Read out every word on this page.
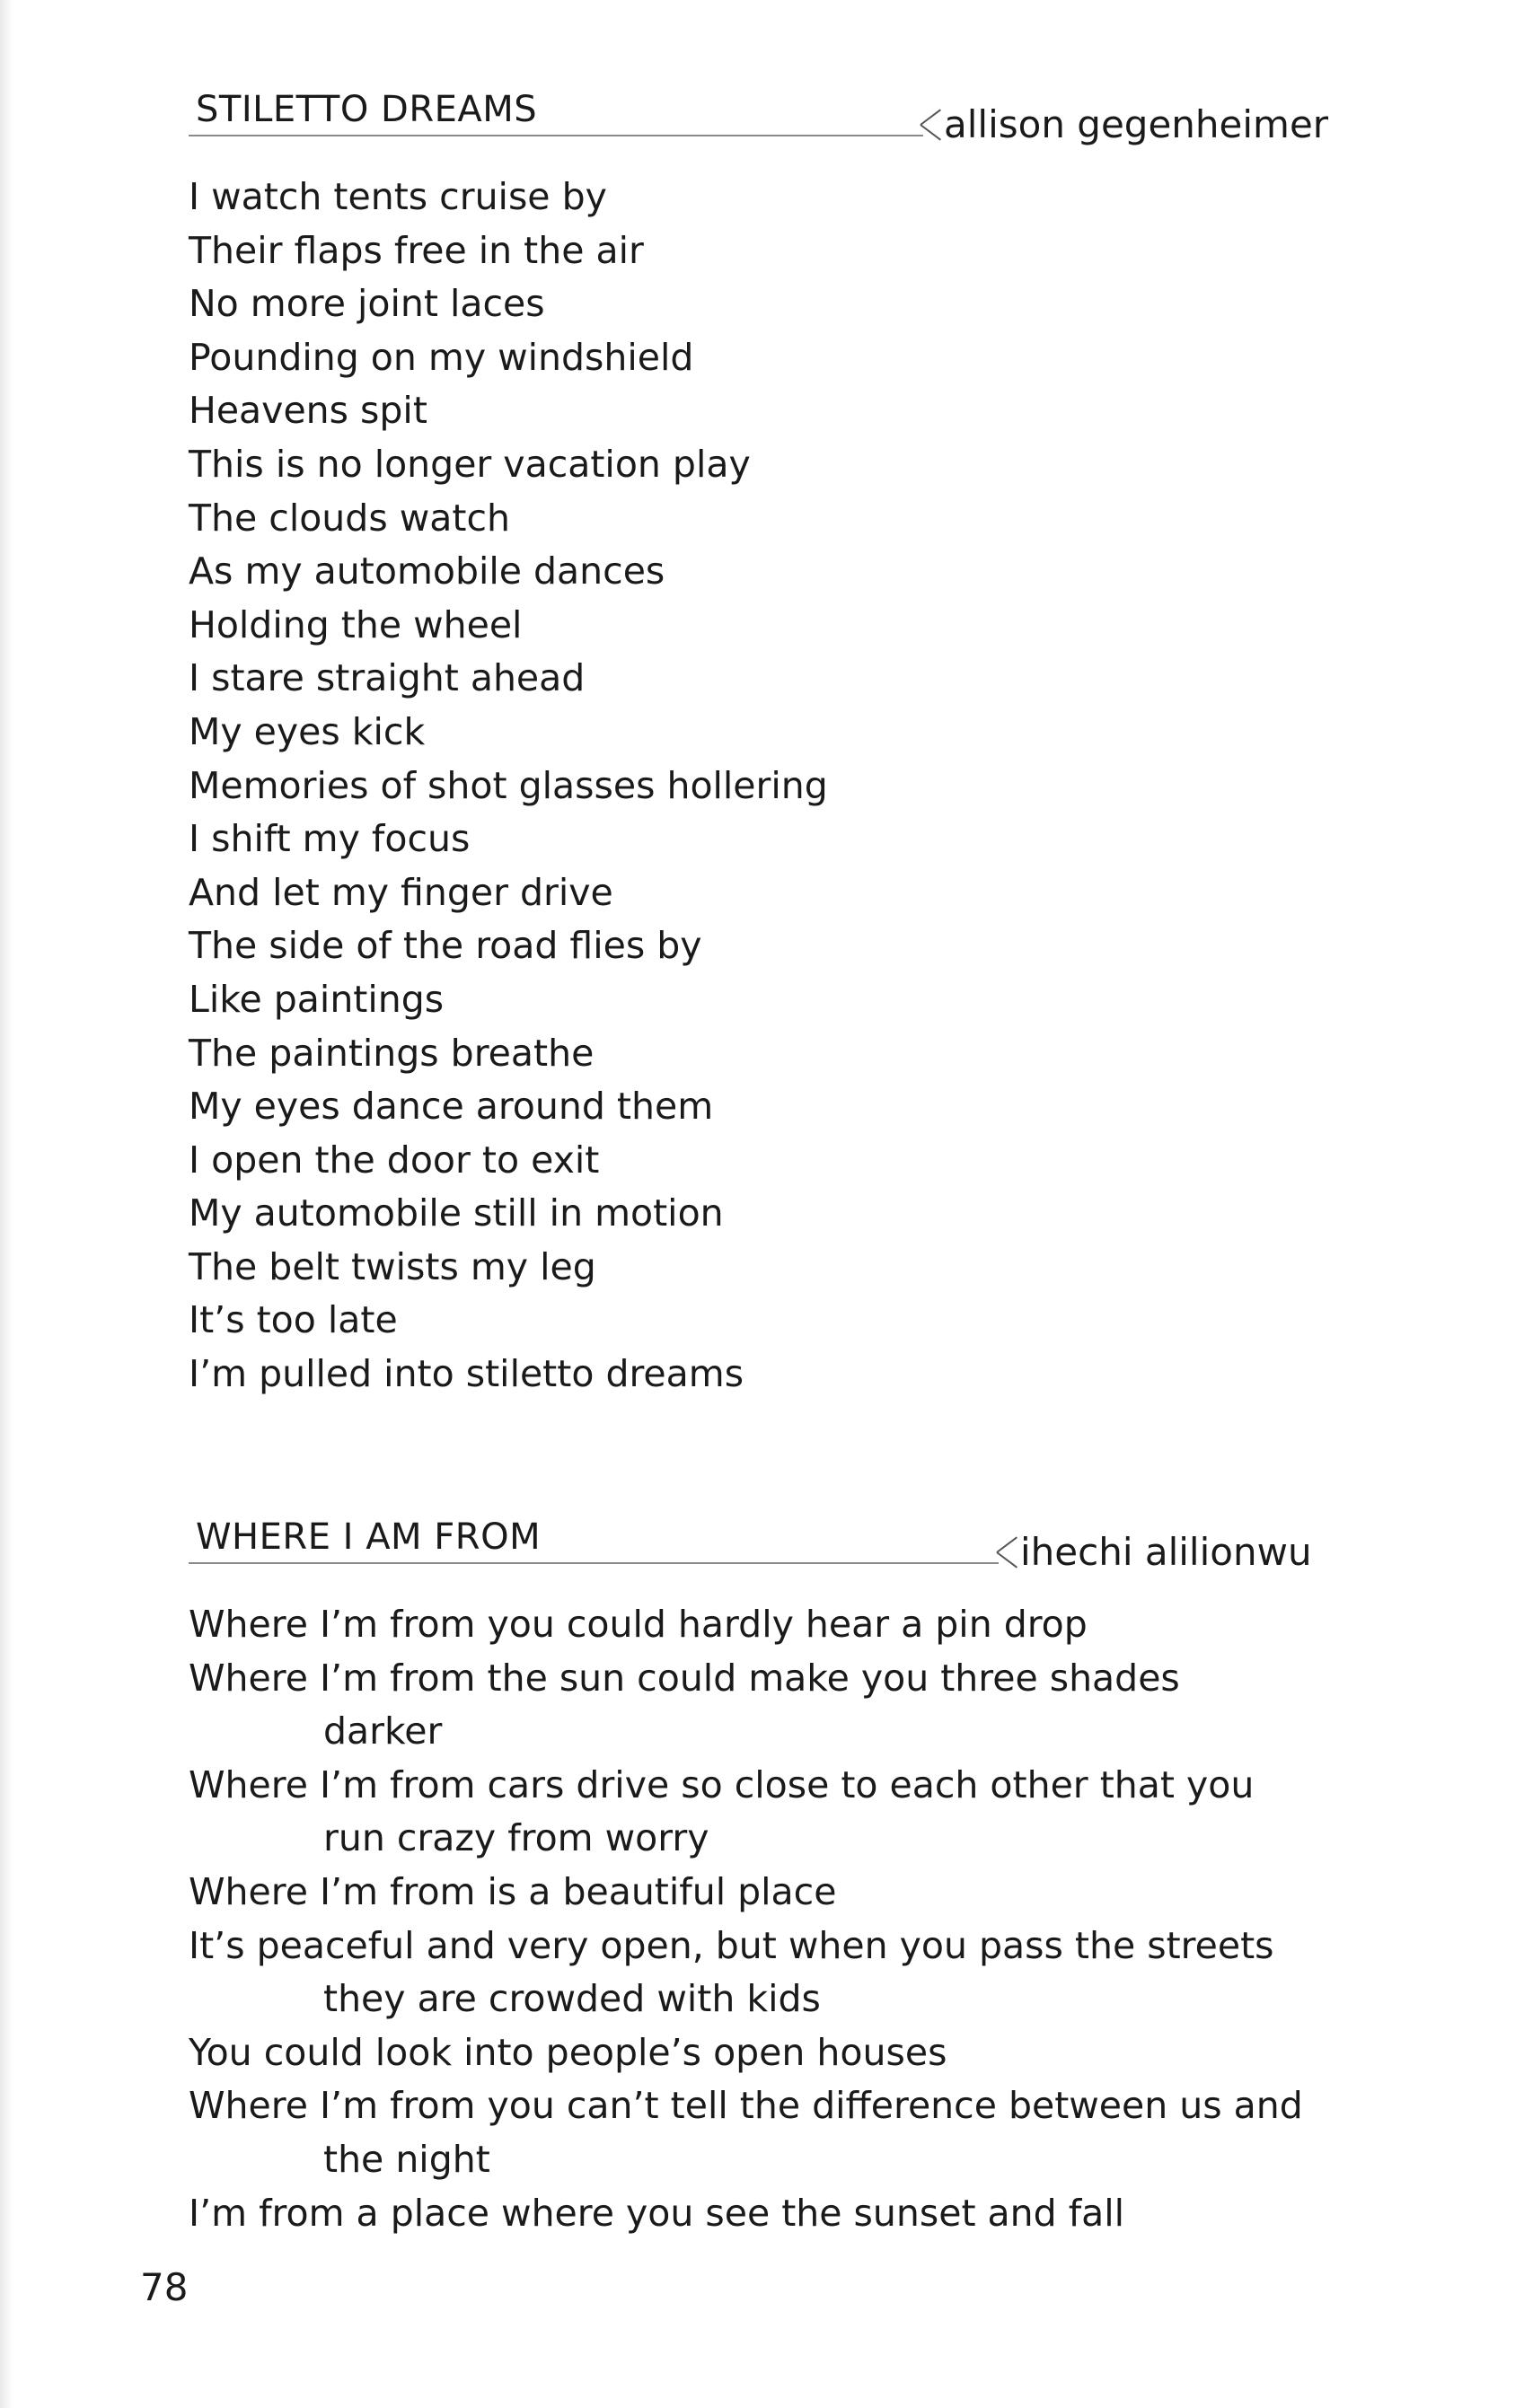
STILETTO DREAMS	allison gegenheimer
I watch tents cruise by
Their flaps free in the air
No more joint laces
Pounding on my windshield
Heavens spit
This is no longer vacation play
The clouds watch
As my automobile dances
Holding the wheel
I stare straight ahead
My eyes kick
Memories of shot glasses hollering
I shift my focus
And let my finger drive
The side of the road flies by
Like paintings
The paintings breathe
My eyes dance around them
I open the door to exit
My automobile still in motion
The belt twists my leg
It’s too late
I’m pulled into stiletto dreams
WHERE I AM FROM	ihechi alilionwu
Where I’m from you could hardly hear a pin drop
Where I’m from the sun could make you three shades
darker
Where I’m from cars drive so close to each other that you
run crazy from worry
Where I’m from is a beautiful place
It’s peaceful and very open, but when you pass the streets
they are crowded with kids
You could look into people’s open houses
Where I’m from you can’t tell the difference between us and
the night
I’m from a place where you see the sunset and fall
78
